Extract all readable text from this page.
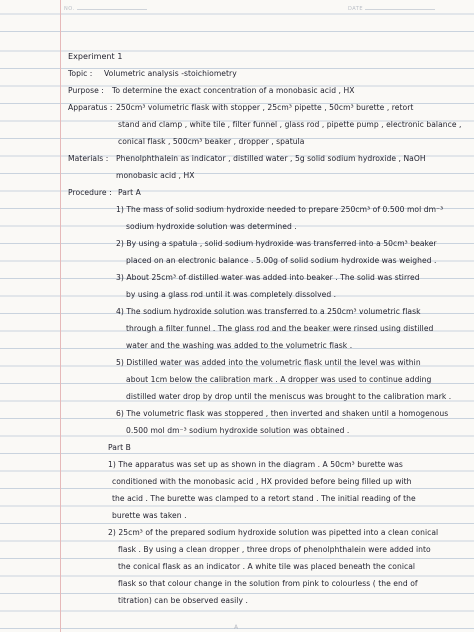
NO.	DATE
Experiment 1
Topic : Volumetric analysis -stoichiometry
Purpose : To determine the exact concentration of a monobasic acid , HX
Apparatus : 250cm³ volumetric flask with stopper , 25cm³ pipette , 50cm³ burette , retort
stand and clamp , white tile , filter funnel , glass rod , pipette pump , electronic balance ,
conical flask , 500cm³ beaker , dropper , spatula
Materials : Phenolphthalein as indicator , distilled water , 5g solid sodium hydroxide , NaOH
monobasic acid , HX
Procedure : Part A
1) The mass of solid sodium hydroxide needed to prepare 250cm³ of 0.500 mol dm⁻³
sodium hydroxide solution was determined .
2) By using a spatula , solid sodium hydroxide was transferred into a 50cm³ beaker
placed on an electronic balance . 5.00g of solid sodium hydroxide was weighed .
3) About 25cm³ of distilled water was added into beaker . The solid was stirred
by using a glass rod until it was completely dissolved .
4) The sodium hydroxide solution was transferred to a 250cm³ volumetric flask
through a filter funnel . The glass rod and the beaker were rinsed using distilled
water and the washing was added to the volumetric flask .
5) Distilled water was added into the volumetric flask until the level was within
about 1cm below the calibration mark . A dropper was used to continue adding
distilled water drop by drop until the meniscus was brought to the calibration mark .
6) The volumetric flask was stoppered , then inverted and shaken until a homogenous
0.500 mol dm⁻³ sodium hydroxide solution was obtained .
Part B
1) The apparatus was set up as shown in the diagram . A 50cm³ burette was
conditioned with the monobasic acid , HX provided before being filled up with
the acid . The burette was clamped to a retort stand . The initial reading of the
burette was taken .
2) 25cm³ of the prepared sodium hydroxide solution was pipetted into a clean conical
flask . By using a clean dropper , three drops of phenolphthalein were added into
the conical flask as an indicator . A white tile was placed beneath the conical
flask so that colour change in the solution from pink to colourless ( the end of
titration) can be observed easily .
A
